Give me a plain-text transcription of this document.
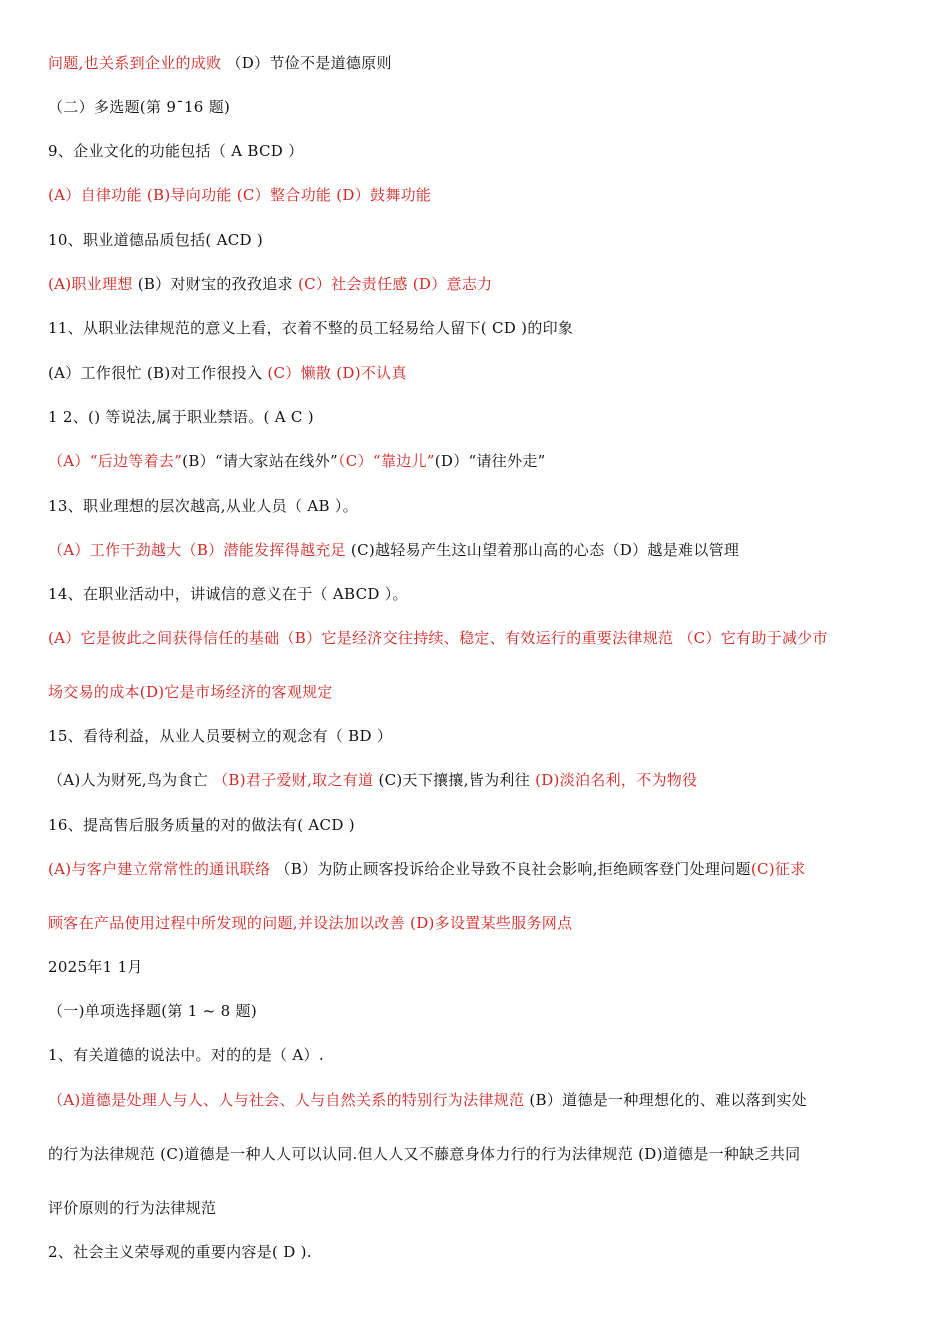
问题,也关系到企业的成败 （D）节俭不是道德原则
（二）多选题(第 9¯16 题)
9、企业文化的功能包括（ A BCD ）
(A）自律功能 (B)导向功能 (C）整合功能 (D）鼓舞功能
10、职业道德品质包括( ACD )
(A)职业理想 (B）对财宝的孜孜追求 (C）社会责任感 (D）意志力
11、从职业法律规范的意义上看，衣着不整的员工轻易给人留下( CD )的印象
(A）工作很忙 (B)对工作很投入 (C）懒散 (D)不认真
1 2、() 等说法,属于职业禁语。( A C )
（A）“后边等着去”(B）“请大家站在线外”（C）“靠边儿”(D）“请往外走”
13、职业理想的层次越高,从业人员（ AB ）。
（A）工作干劲越大（B）潜能发挥得越充足 (C)越轻易产生这山望着那山高的心态（D）越是难以管理
14、在职业活动中，讲诚信的意义在于（ ABCD ）。
(A）它是彼此之间获得信任的基础（B）它是经济交往持续、稳定、有效运行的重要法律规范 （C）它有助于减少市
场交易的成本(D)它是市场经济的客观规定
15、看待利益，从业人员要树立的观念有（ BD ）
（A)人为财死,鸟为食亡 （B)君子爱财,取之有道 (C)天下攘攘,皆为利往 (D)淡泊名利，不为物役
16、提高售后服务质量的对的做法有( ACD )
(A)与客户建立常常性的通讯联络 （B）为防止顾客投诉给企业导致不良社会影响,拒绝顾客登门处理问题(C)征求
顾客在产品使用过程中所发现的问题,并设法加以改善 (D)多设置某些服务网点
2025年1 1月
（一)单项选择题(第 1 ~ 8 题)
1、有关道德的说法中。对的的是（ A）.
（A)道德是处理人与人、人与社会、人与自然关系的特别行为法律规范 (B）道德是一种理想化的、难以落到实处
的行为法律规范 (C)道德是一种人人可以认同.但人人又不藤意身体力行的行为法律规范 (D)道德是一种缺乏共同
评价原则的行为法律规范
2、社会主义荣辱观的重要内容是( D ).
